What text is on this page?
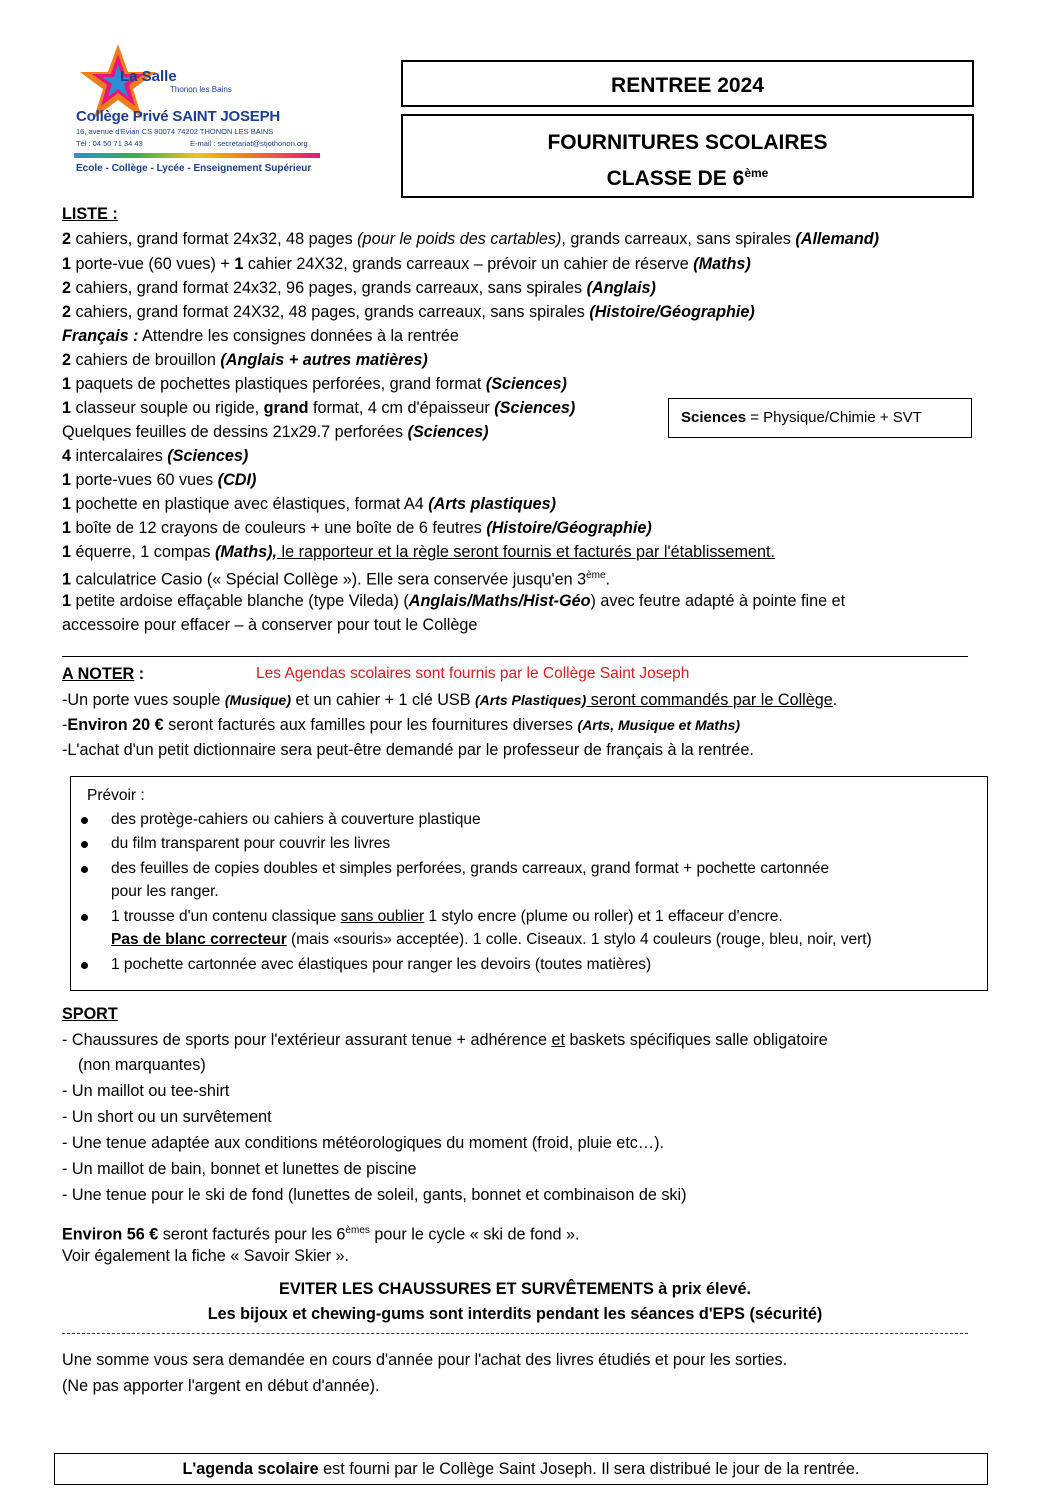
La Salle
Thonon les Bains
Collège Privé SAINT JOSEPH
16, avenue d'Evian CS 80074 74202 THONON LES BAINS
Tél : 04 50 71 34 43	E-mail : secretariat@stjothonon.org
Ecole - Collège - Lycée - Enseignement Supérieur
RENTREE 2024
FOURNITURES SCOLAIRES
CLASSE DE 6ème
LISTE :
2 cahiers, grand format 24x32, 48 pages (pour le poids des cartables), grands carreaux, sans spirales (Allemand)
1 porte-vue (60 vues) + 1 cahier 24X32, grands carreaux – prévoir un cahier de réserve (Maths)
2 cahiers, grand format 24x32, 96 pages, grands carreaux, sans spirales (Anglais)
2 cahiers, grand format 24X32, 48 pages, grands carreaux, sans spirales (Histoire/Géographie)
Français : Attendre les consignes données à la rentrée
2 cahiers de brouillon (Anglais + autres matières)
1 paquets de pochettes plastiques perforées, grand format (Sciences)
1 classeur souple ou rigide, grand format, 4 cm d'épaisseur (Sciences)
Quelques feuilles de dessins 21x29.7 perforées (Sciences)
4 intercalaires (Sciences)
1 porte-vues 60 vues (CDI)
1 pochette en plastique avec élastiques, format A4 (Arts plastiques)
1 boîte de 12 crayons de couleurs + une boîte de 6 feutres (Histoire/Géographie)
1 équerre, 1 compas (Maths), le rapporteur et la règle seront fournis et facturés par l'établissement.
1 calculatrice Casio (« Spécial Collège »). Elle sera conservée jusqu'en 3ème.
1 petite ardoise effaçable blanche (type Vileda) (Anglais/Maths/Hist-Géo) avec feutre adapté à pointe fine et
accessoire pour effacer – à conserver pour tout le Collège
Sciences = Physique/Chimie + SVT
A NOTER :	Les Agendas scolaires sont fournis par le Collège Saint Joseph
-Un porte vues souple (Musique) et un cahier + 1 clé USB (Arts Plastiques) seront commandés par le Collège.
-Environ 20 € seront facturés aux familles pour les fournitures diverses (Arts, Musique et Maths)
-L'achat d'un petit dictionnaire sera peut-être demandé par le professeur de français à la rentrée.
Prévoir :
des protège-cahiers ou cahiers à couverture plastique
du film transparent pour couvrir les livres
des feuilles de copies doubles et simples perforées, grands carreaux, grand format + pochette cartonnée
pour les ranger.
1 trousse d'un contenu classique sans oublier 1 stylo encre (plume ou roller) et 1 effaceur d'encre.
Pas de blanc correcteur (mais «souris» acceptée). 1 colle. Ciseaux. 1 stylo 4 couleurs (rouge, bleu, noir, vert)
1 pochette cartonnée avec élastiques pour ranger les devoirs (toutes matières)
SPORT
- Chaussures de sports pour l'extérieur assurant tenue + adhérence et baskets spécifiques salle obligatoire
(non marquantes)
- Un maillot ou tee-shirt
- Un short ou un survêtement
- Une tenue adaptée aux conditions météorologiques du moment (froid, pluie etc…).
- Un maillot de bain, bonnet et lunettes de piscine
- Une tenue pour le ski de fond (lunettes de soleil, gants, bonnet et combinaison de ski)
Environ 56 € seront facturés pour les 6èmes pour le cycle « ski de fond ».
Voir également la fiche « Savoir Skier ».
EVITER LES CHAUSSURES ET SURVÊTEMENTS à prix élevé.
Les bijoux et chewing-gums sont interdits pendant les séances d'EPS (sécurité)
Une somme vous sera demandée en cours d'année pour l'achat des livres étudiés et pour les sorties.
(Ne pas apporter l'argent en début d'année).
L'agenda scolaire est fourni par le Collège Saint Joseph. Il sera distribué le jour de la rentrée.
